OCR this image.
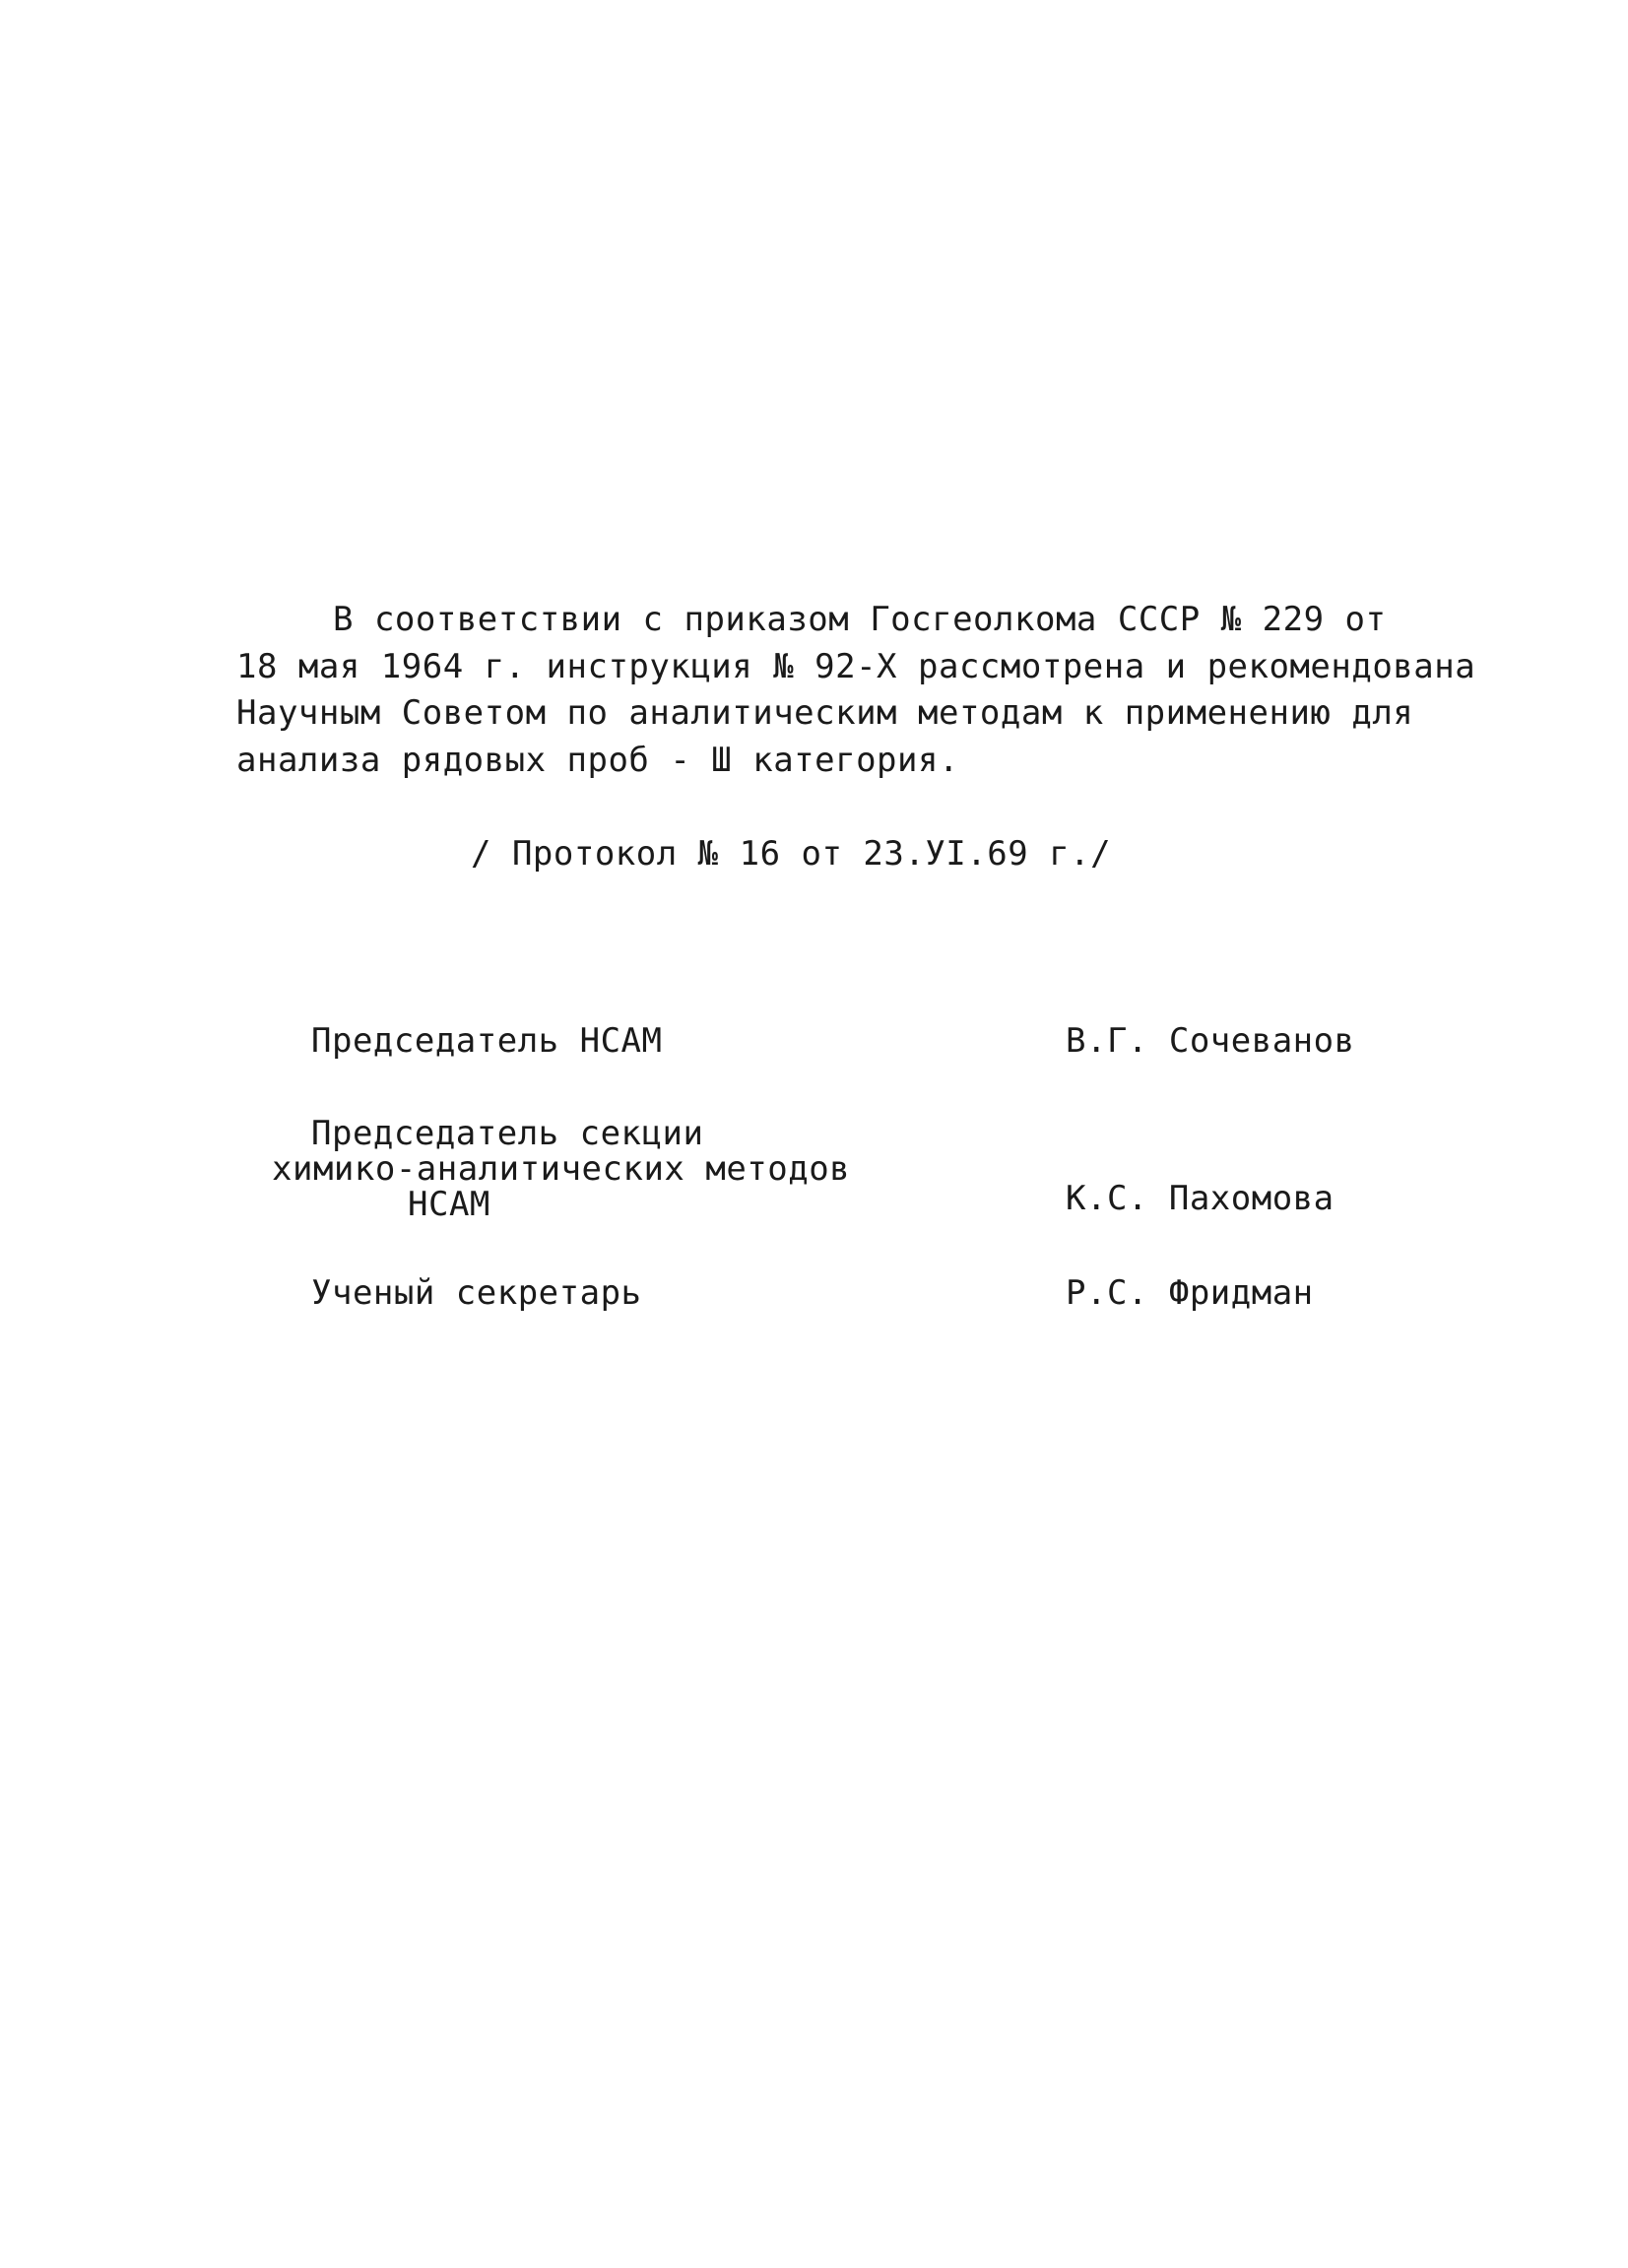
В соответствии с приказом Госгеолкома СССР № 229 от
18 мая 1964 г. инструкция № 92-Х рассмотрена и рекомендована
Научным Советом по аналитическим методам к применению для
анализа рядовых проб - Ш категория.
/ Протокол № 16 от 23.УI.69 г./
Председатель НСАМ	В.Г. Сочеванов
Председатель секции
химико-аналитических методов
НСАМ	К.С. Пахомова
Ученый секретарь	Р.С. Фридман
